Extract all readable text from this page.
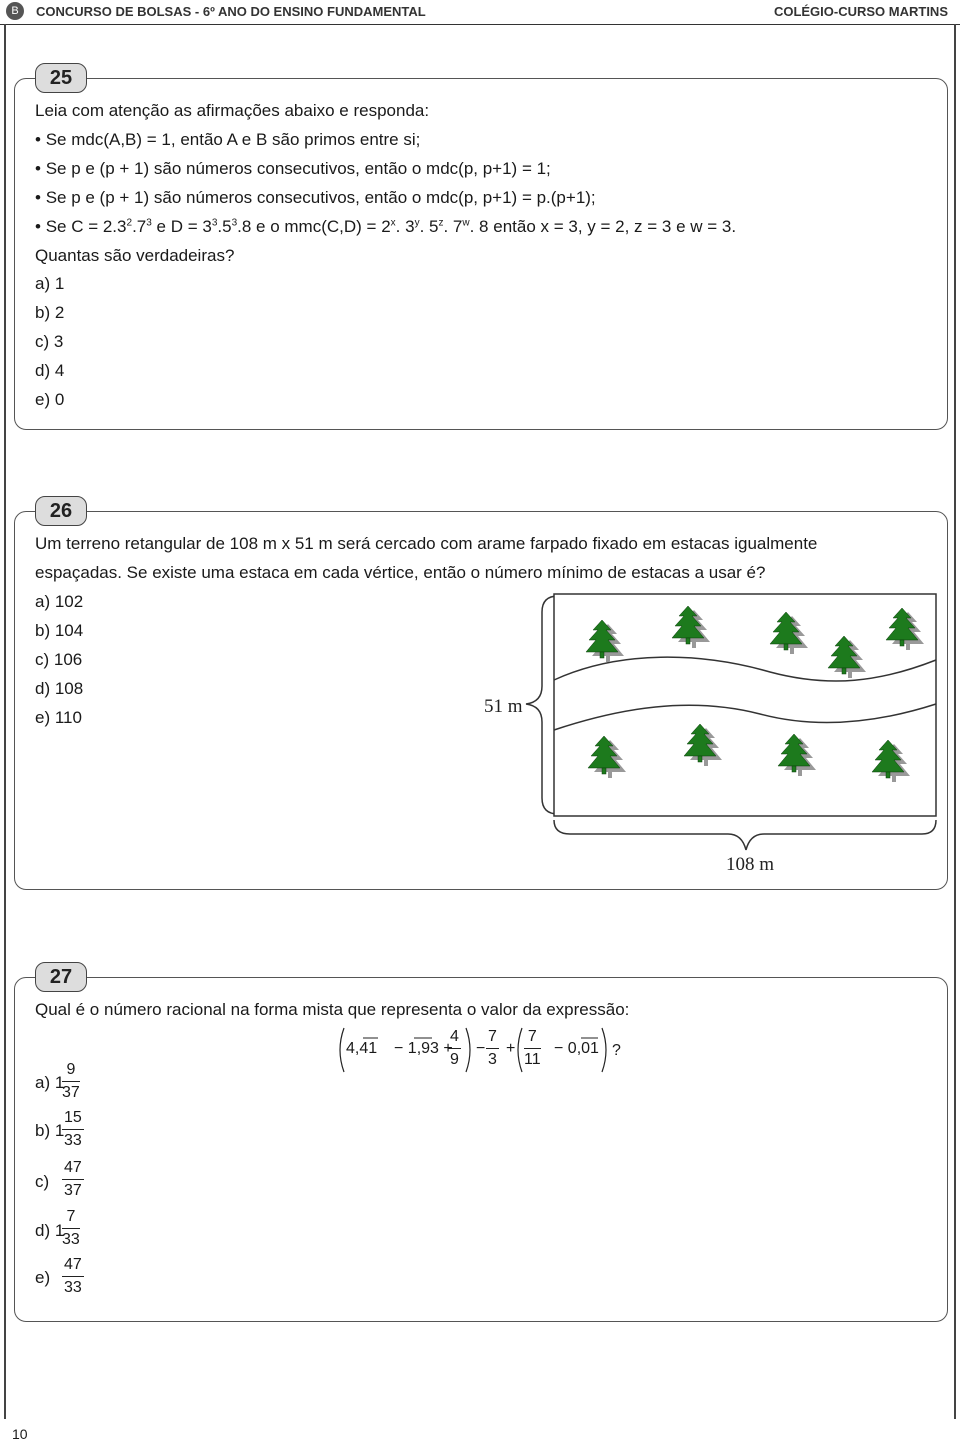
B	CONCURSO DE BOLSAS - 6º ANO DO ENSINO FUNDAMENTAL	COLÉGIO-CURSO MARTINS
25
Leia com atenção as afirmações abaixo e responda:
• Se mdc(A,B) = 1, então A e B são primos entre si;
• Se p e (p + 1) são números consecutivos, então o mdc(p, p+1) = 1;
• Se p e (p + 1) são números consecutivos, então o mdc(p, p+1) = p.(p+1);
• Se $C = 2.3^2.7^3$ e $D = 3^3.5^3.8$ e o $mmc(C,D) = 2^x$. 3$^y$. 5$^z$. 7$^w$. 8 então x = 3, y = 2, z = 3 e w = 3.
Quantas são verdadeiras?
a) 1
b) 2
c) 3
d) 4
e) 0
26
Um terreno retangular de 108 m x 51 m será cercado com arame farpado fixado em estacas igualmente
espaçadas. Se existe uma estaca em cada vértice, então o número mínimo de estacas a usar é?
a) 102
b) 104
c) 106
d) 108
e) 110
51 m
108 m
27
Qual é o número racional na forma mista que representa o valor da expressão:
4,41 − 1,93 +
$\frac{4}{9} - \frac{7}{3} + \frac{7}{11} - 0,01$ ?
a) 1
$\frac{9}{37}$
b) 1
$\frac{15}{33}$
$c) \frac{47}{37}$
d) 1
$\frac{7}{33}$
$e) \frac{47}{33}$
10
